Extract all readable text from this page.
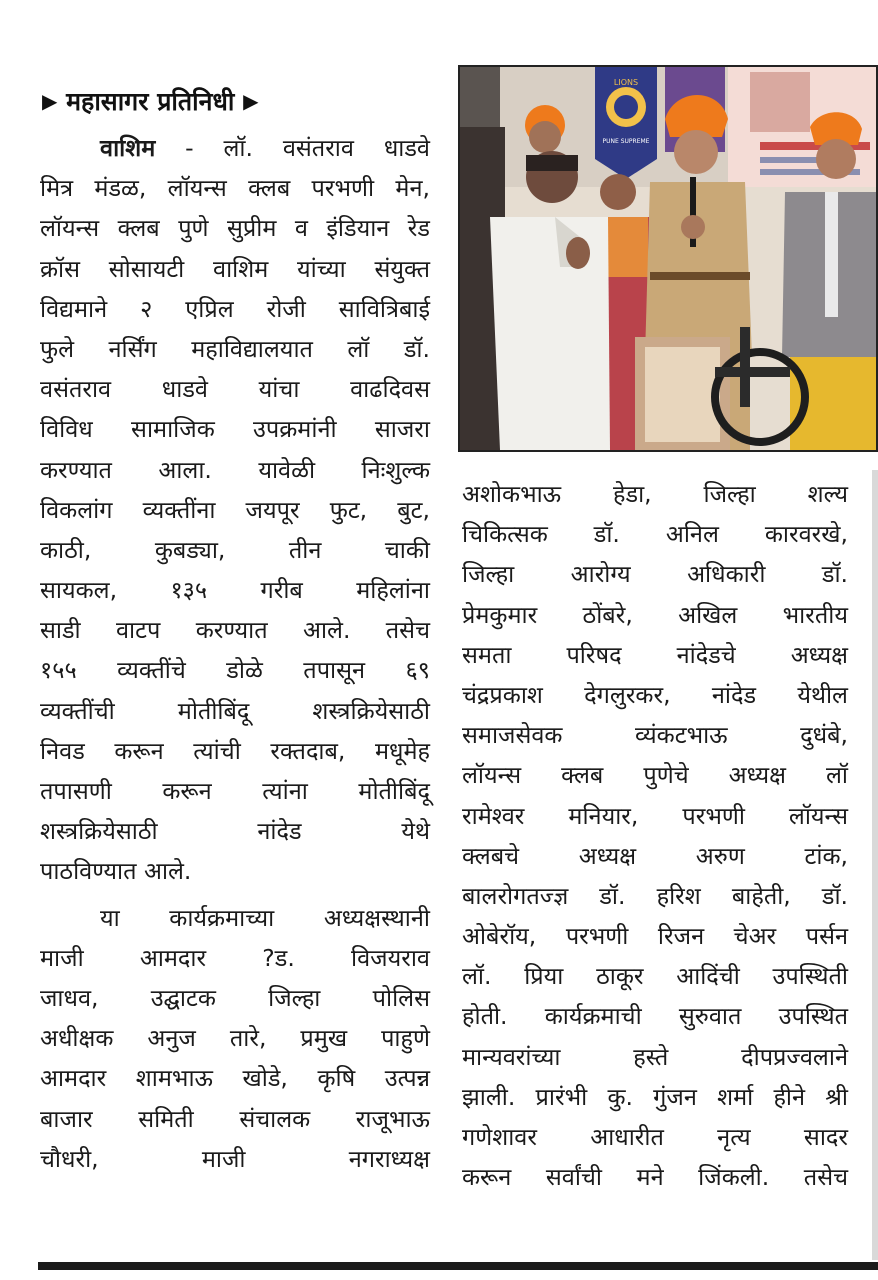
▶ महासागर प्रतिनिधी ▶
LIONS
PUNE SUPREME
वाशिम - लॉ. वसंतराव धाडवे
मित्र मंडळ, लॉयन्स क्लब परभणी मेन,
लॉयन्स क्लब पुणे सुप्रीम व इंडियान रेड
क्रॉस सोसायटी वाशिम यांच्या संयुक्त
विद्यमाने २ एप्रिल रोजी सावित्रिबाई
फुले नर्सिंग महाविद्यालयात लॉ डॉ.
वसंतराव धाडवे यांचा वाढदिवस
विविध सामाजिक उपक्रमांनी साजरा
करण्यात आला. यावेळी निःशुल्क
विकलांग व्यक्तींना जयपूर फुट, बुट,
काठी, कुबड्या, तीन चाकी
सायकल, १३५ गरीब महिलांना
साडी वाटप करण्यात आले. तसेच
१५५ व्यक्तींचे डोळे तपासून ६९
व्यक्तींची मोतीबिंदू शस्त्रक्रियेसाठी
निवड करून त्यांची रक्तदाब, मधूमेह
तपासणी करून त्यांना मोतीबिंदू
शस्त्रक्रियेसाठी नांदेड येथे
पाठविण्यात आले.
या कार्यक्रमाच्या अध्यक्षस्थानी
माजी आमदार ?ड. विजयराव
जाधव, उद्घाटक जिल्हा पोलिस
अधीक्षक अनुज तारे, प्रमुख पाहुणे
आमदार शामभाऊ खोडे, कृषि उत्पन्न
बाजार समिती संचालक राजूभाऊ
चौधरी, माजी नगराध्यक्ष
अशोकभाऊ हेडा, जिल्हा शल्य
चिकित्सक डॉ. अनिल कारवरखे,
जिल्हा आरोग्य अधिकारी डॉ.
प्रेमकुमार ठोंबरे, अखिल भारतीय
समता परिषद नांदेडचे अध्यक्ष
चंद्रप्रकाश देगलुरकर, नांदेड येथील
समाजसेवक व्यंकटभाऊ दुधंबे,
लॉयन्स क्लब पुणेचे अध्यक्ष लॉ
रामेश्वर मनियार, परभणी लॉयन्स
क्लबचे अध्यक्ष अरुण टांक,
बालरोगतज्ज्ञ डॉ. हरिश बाहेती, डॉ.
ओबेरॉय, परभणी रिजन चेअर पर्सन
लॉ. प्रिया ठाकूर आदिंची उपस्थिती
होती. कार्यक्रमाची सुरुवात उपस्थित
मान्यवरांच्या हस्ते दीपप्रज्वलाने
झाली. प्रारंभी कु. गुंजन शर्मा हीने श्री
गणेशावर आधारीत नृत्य सादर
करून सर्वांची मने जिंकली. तसेच
